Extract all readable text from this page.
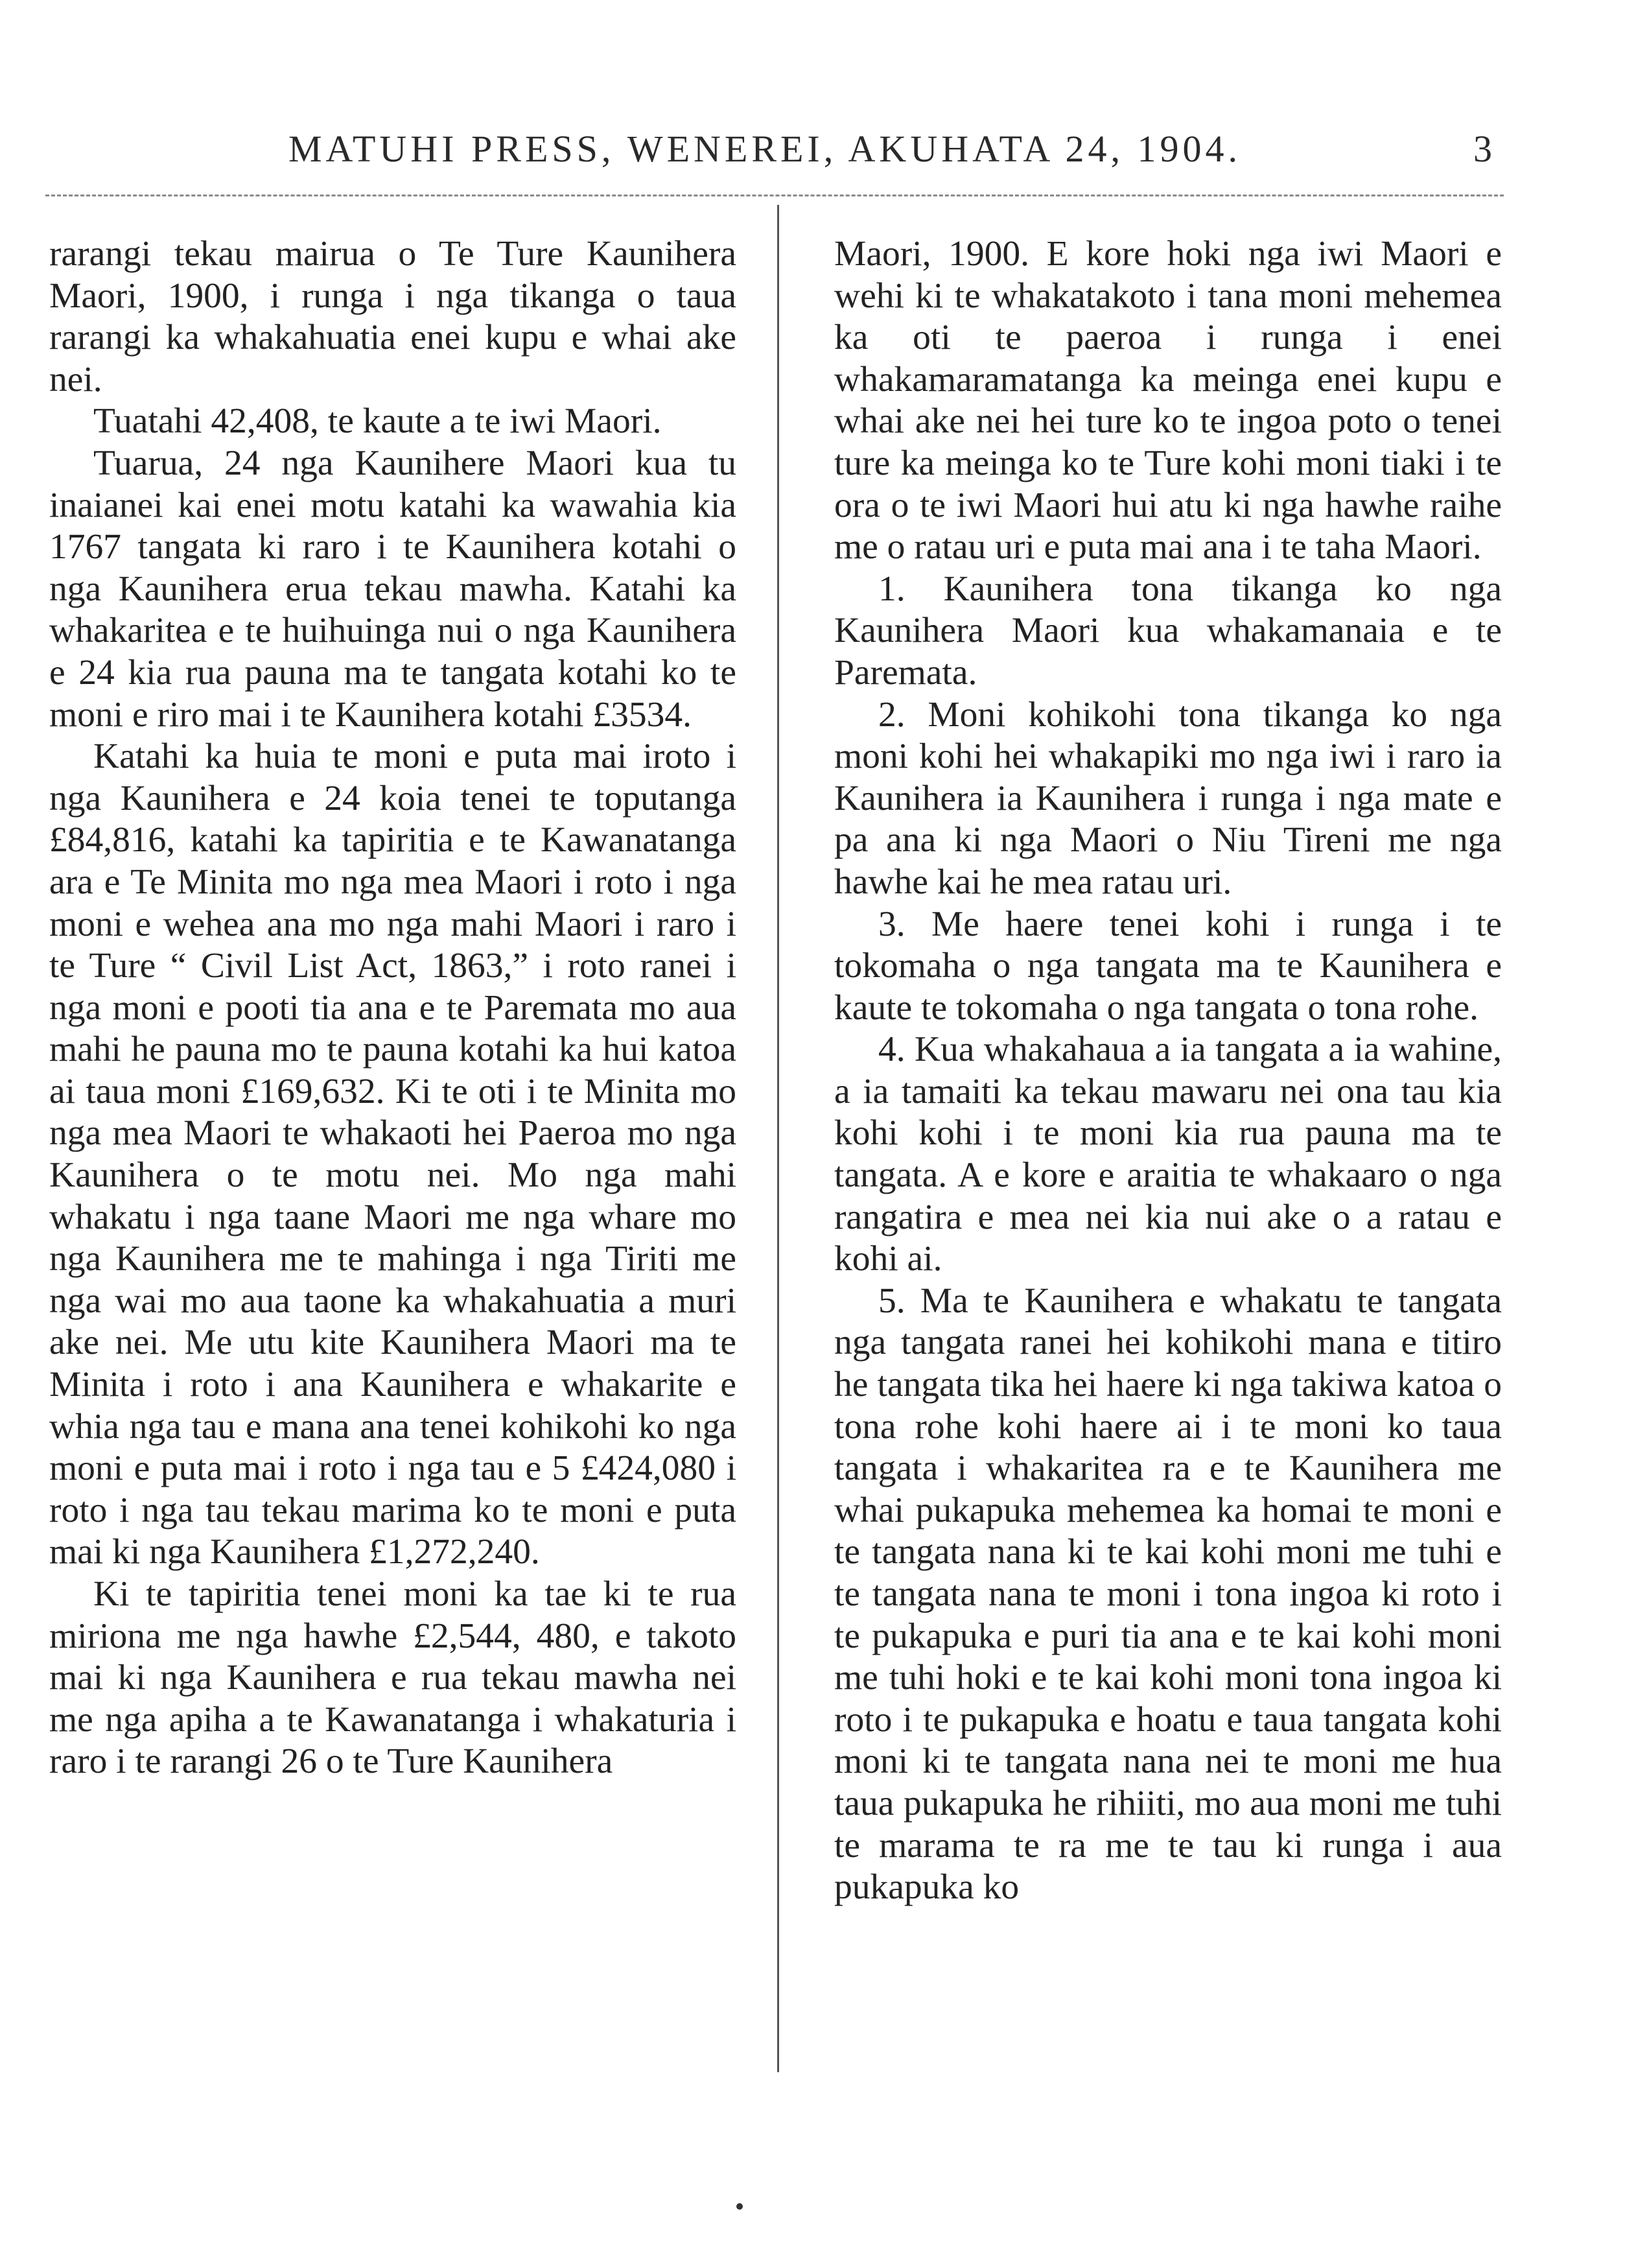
MATUHI PRESS, WENEREI, AKUHATA 24, 1904.	3

rarangi tekau mairua o Te Ture Kaunihera Maori, 1900, i runga i nga tikanga o taua rarangi ka whakahuatia enei kupu e whai ake nei.

Tuatahi 42,408, te kaute a te iwi Maori.

Tuarua, 24 nga Kaunihere Maori kua tu inaianei kai enei motu katahi ka wawahia kia 1767 tangata ki raro i te Kaunihera kotahi o nga Kaunihera erua tekau mawha. Katahi ka whakaritea e te huihuinga nui o nga Kaunihera e 24 kia rua pauna ma te tangata kotahi ko te moni e riro mai i te Kaunihera kotahi £3534.

Katahi ka huia te moni e puta mai iroto i nga Kaunihera e 24 koia tenei te toputanga £84,816, katahi ka tapiritia e te Kawanatanga ara e Te Minita mo nga mea Maori i roto i nga moni e wehea ana mo nga mahi Maori i raro i te Ture “ Civil List Act, 1863,” i roto ranei i nga moni e pooti tia ana e te Paremata mo aua mahi he pauna mo te pauna kotahi ka hui katoa ai taua moni £169,632. Ki te oti i te Minita mo nga mea Maori te whakaoti hei Paeroa mo nga Kaunihera o te motu nei. Mo nga mahi whakatu i nga taane Maori me nga whare mo nga Kaunihera me te mahinga i nga Tiriti me nga wai mo aua taone ka whakahuatia a muri ake nei. Me utu kite Kaunihera Maori ma te Minita i roto i ana Kaunihera e whakarite e whia nga tau e mana ana tenei kohikohi ko nga moni e puta mai i roto i nga tau e 5 £424,080 i roto i nga tau tekau marima ko te moni e puta mai ki nga Kaunihera £1,272,240.

Ki te tapiritia tenei moni ka tae ki te rua miriona me nga hawhe £2,544, 480, e takoto mai ki nga Kaunihera e rua tekau mawha nei me nga apiha a te Kawanatanga i whakaturia i raro i te rarangi 26 o te Ture Kaunihera

Maori, 1900. E kore hoki nga iwi Maori e wehi ki te whakatakoto i tana moni mehemea ka oti te paeroa i runga i enei whakamaramatanga ka meinga enei kupu e whai ake nei hei ture ko te ingoa poto o tenei ture ka meinga ko te Ture kohi moni tiaki i te ora o te iwi Maori hui atu ki nga hawhe raihe me o ratau uri e puta mai ana i te taha Maori.

1. Kaunihera tona tikanga ko nga Kaunihera Maori kua whakamanaia e te Paremata.

2. Moni kohikohi tona tikanga ko nga moni kohi hei whakapiki mo nga iwi i raro ia Kaunihera ia Kaunihera i runga i nga mate e pa ana ki nga Maori o Niu Tireni me nga hawhe kai he mea ratau uri.

3. Me haere tenei kohi i runga i te tokomaha o nga tangata ma te Kaunihera e kaute te tokomaha o nga tangata o tona rohe.

4. Kua whakahaua a ia tangata a ia wahine, a ia tamaiti ka tekau mawaru nei ona tau kia kohi kohi i te moni kia rua pauna ma te tangata. A e kore e araitia te whakaaro o nga rangatira e mea nei kia nui ake o a ratau e kohi ai.

5. Ma te Kaunihera e whakatu te tangata nga tangata ranei hei kohikohi mana e titiro he tangata tika hei haere ki nga takiwa katoa o tona rohe kohi haere ai i te moni ko taua tangata i whakaritea ra e te Kaunihera me whai pukapuka mehemea ka homai te moni e te tangata nana ki te kai kohi moni me tuhi e te tangata nana te moni i tona ingoa ki roto i te pukapuka e puri tia ana e te kai kohi moni me tuhi hoki e te kai kohi moni tona ingoa ki roto i te pukapuka e hoatu e taua tangata kohi moni ki te tangata nana nei te moni me hua taua pukapuka he rihiiti, mo aua moni me tuhi te marama te ra me te tau ki runga i aua pukapuka ko
